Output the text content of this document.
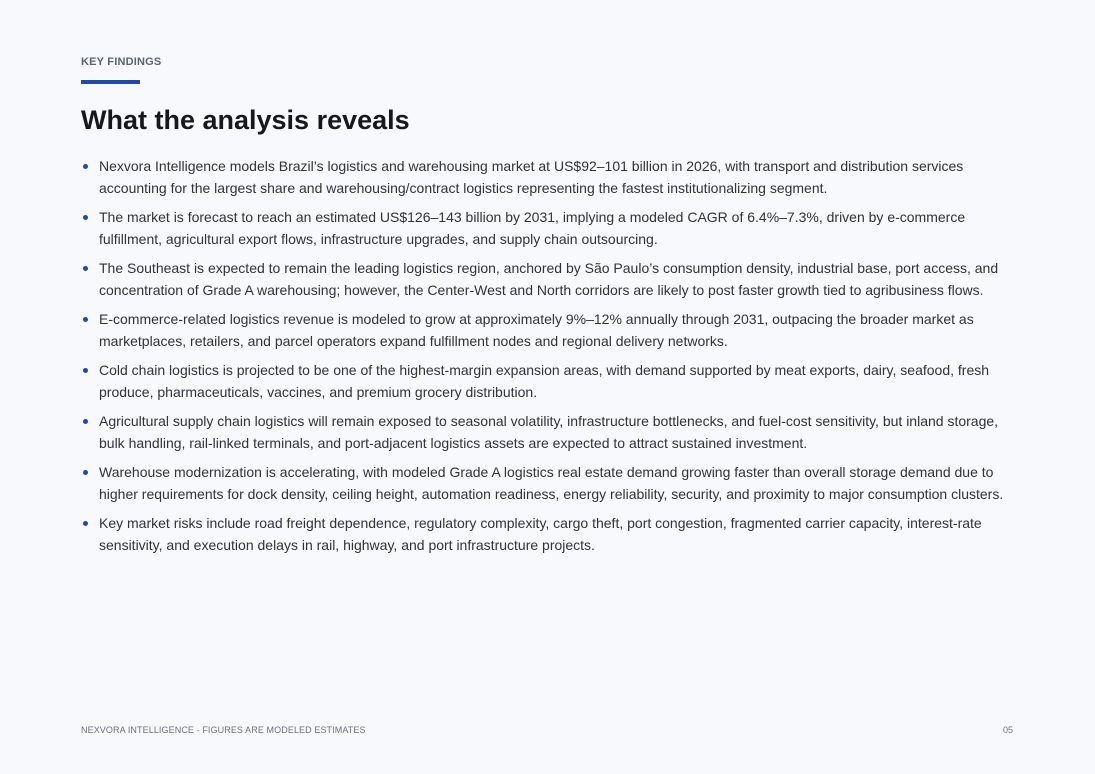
KEY FINDINGS
What the analysis reveals
Nexvora Intelligence models Brazil’s logistics and warehousing market at US$92–101 billion in 2026, with transport and distribution services accounting for the largest share and warehousing/contract logistics representing the fastest institutionalizing segment.
The market is forecast to reach an estimated US$126–143 billion by 2031, implying a modeled CAGR of 6.4%–7.3%, driven by e-commerce fulfillment, agricultural export flows, infrastructure upgrades, and supply chain outsourcing.
The Southeast is expected to remain the leading logistics region, anchored by São Paulo’s consumption density, industrial base, port access, and concentration of Grade A warehousing; however, the Center-West and North corridors are likely to post faster growth tied to agribusiness flows.
E-commerce-related logistics revenue is modeled to grow at approximately 9%–12% annually through 2031, outpacing the broader market as marketplaces, retailers, and parcel operators expand fulfillment nodes and regional delivery networks.
Cold chain logistics is projected to be one of the highest-margin expansion areas, with demand supported by meat exports, dairy, seafood, fresh produce, pharmaceuticals, vaccines, and premium grocery distribution.
Agricultural supply chain logistics will remain exposed to seasonal volatility, infrastructure bottlenecks, and fuel-cost sensitivity, but inland storage, bulk handling, rail-linked terminals, and port-adjacent logistics assets are expected to attract sustained investment.
Warehouse modernization is accelerating, with modeled Grade A logistics real estate demand growing faster than overall storage demand due to higher requirements for dock density, ceiling height, automation readiness, energy reliability, security, and proximity to major consumption clusters.
Key market risks include road freight dependence, regulatory complexity, cargo theft, port congestion, fragmented carrier capacity, interest-rate sensitivity, and execution delays in rail, highway, and port infrastructure projects.
NEXVORA INTELLIGENCE · FIGURES ARE MODELED ESTIMATES	05
